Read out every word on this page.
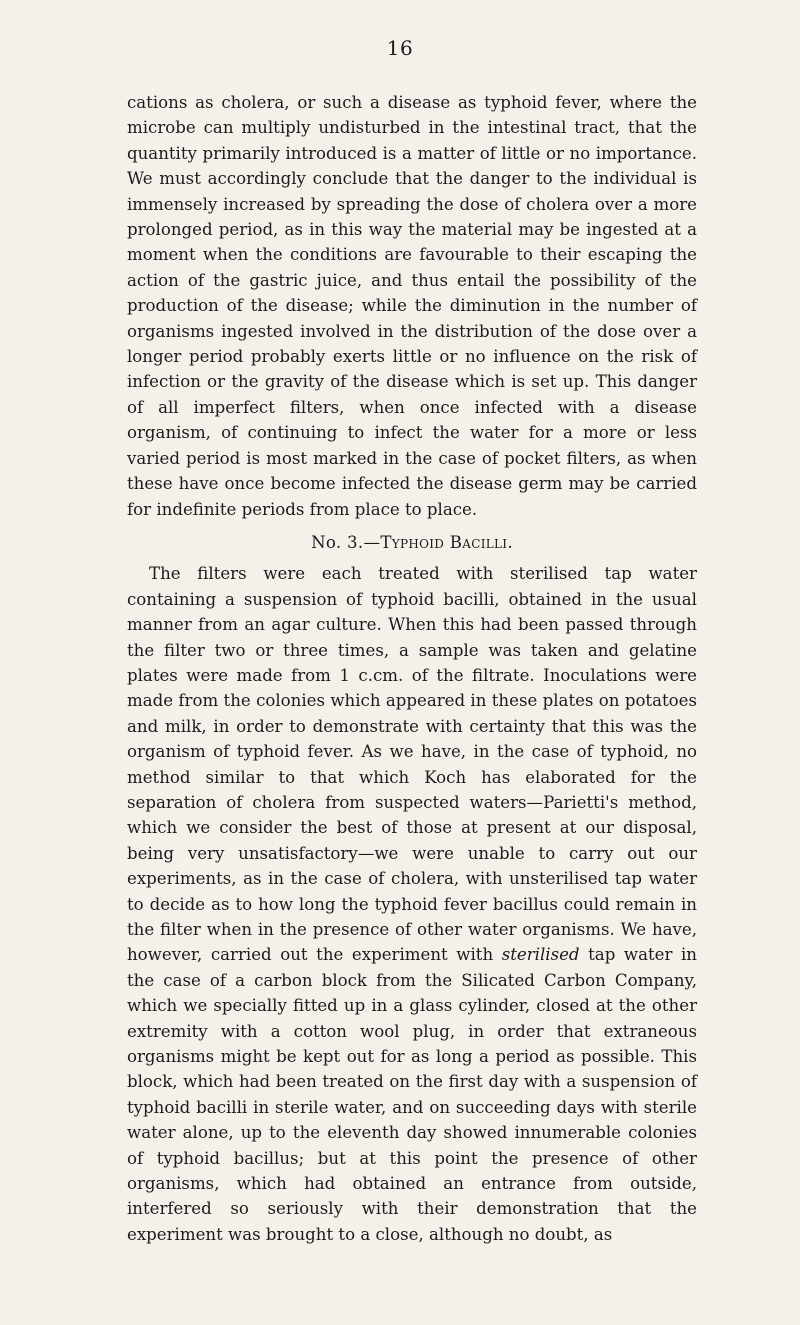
16

cations as cholera, or such a disease as typhoid fever, where the microbe can multiply undisturbed in the intestinal tract, that the quantity primarily introduced is a matter of little or no importance. We must accordingly conclude that the danger to the individual is immensely increased by spreading the dose of cholera over a more prolonged period, as in this way the material may be ingested at a moment when the conditions are favourable to their escaping the action of the gastric juice, and thus entail the possibility of the production of the disease; while the diminution in the number of organisms ingested involved in the distribution of the dose over a longer period probably exerts little or no influence on the risk of infection or the gravity of the disease which is set up. This danger of all imperfect filters, when once infected with a disease organism, of continuing to infect the water for a more or less varied period is most marked in the case of pocket filters, as when these have once become infected the disease germ may be carried for indefinite periods from place to place.

No. 3.—Typhoid Bacilli.

The filters were each treated with sterilised tap water containing a suspension of typhoid bacilli, obtained in the usual manner from an agar culture. When this had been passed through the filter two or three times, a sample was taken and gelatine plates were made from 1 c.cm. of the filtrate. Inoculations were made from the colonies which appeared in these plates on potatoes and milk, in order to demonstrate with certainty that this was the organism of typhoid fever. As we have, in the case of typhoid, no method similar to that which Koch has elaborated for the separation of cholera from suspected waters—Parietti's method, which we consider the best of those at present at our disposal, being very unsatisfactory—we were unable to carry out our experiments, as in the case of cholera, with unsterilised tap water to decide as to how long the typhoid fever bacillus could remain in the filter when in the presence of other water organisms. We have, however, carried out the experiment with sterilised tap water in the case of a carbon block from the Silicated Carbon Company, which we specially fitted up in a glass cylinder, closed at the other extremity with a cotton wool plug, in order that extraneous organisms might be kept out for as long a period as possible. This block, which had been treated on the first day with a suspension of typhoid bacilli in sterile water, and on succeeding days with sterile water alone, up to the eleventh day showed innumerable colonies of typhoid bacillus; but at this point the presence of other organisms, which had obtained an entrance from outside, interfered so seriously with their demonstration that the experiment was brought to a close, although no doubt, as
